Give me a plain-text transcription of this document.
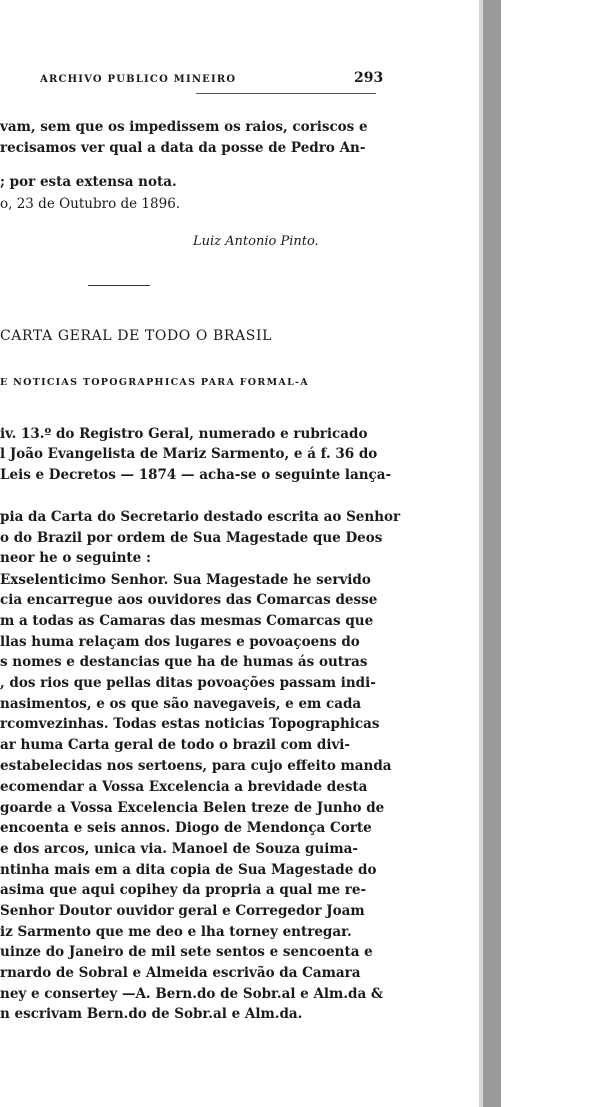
ARCHIVO PUBLICO MINEIRO	293
vam, sem que os impedissem os raios, coriscos e
recisamos ver qual a data da posse de Pedro An-
; por esta extensa nota.
o, 23 de Outubro de 1896.
Luiz Antonio Pinto.
CARTA GERAL DE TODO O BRASIL
E NOTICIAS TOPOGRAPHICAS PARA FORMAL-A
iv. 13.º do Registro Geral, numerado e rubricado
l João Evangelista de Mariz Sarmento, e á f. 36 do
Leis e Decretos — 1874 — acha-se o seguinte lança-
pia da Carta do Secretario destado escrita ao Senhor
o do Brazil por ordem de Sua Magestade que Deos
neor he o seguinte :
Exselenticimo Senhor. Sua Magestade he servido
cia encarregue aos ouvidores das Comarcas desse
m a todas as Camaras das mesmas Comarcas que
llas huma relaçam dos lugares e povoaçoens do
s nomes e destancias que ha de humas ás outras
, dos rios que pellas ditas povoações passam indi-
nasimentos, e os que são navegaveis, e em cada
rcomvezinhas. Todas estas noticias Topographicas
ar huma Carta geral de todo o brazil com divi-
estabelecidas nos sertoens, para cujo effeito manda
ecomendar a Vossa Excelencia a brevidade desta
goarde a Vossa Excelencia Belen treze de Junho de
encoenta e seis annos. Diogo de Mendonça Corte
e dos arcos, unica via. Manoel de Souza guima-
ntinha mais em a dita copia de Sua Magestade do
asima que aqui copihey da propria a qual me re-
Senhor Doutor ouvidor geral e Corregedor Joam
iz Sarmento que me deo e lha torney entregar.
uinze do Janeiro de mil sete sentos e sencoenta e
rnardo de Sobral e Almeida escrivão da Camara
ney e consertey —A. Bern.do de Sobr.al e Alm.da &
n escrivam Bern.do de Sobr.al e Alm.da.
